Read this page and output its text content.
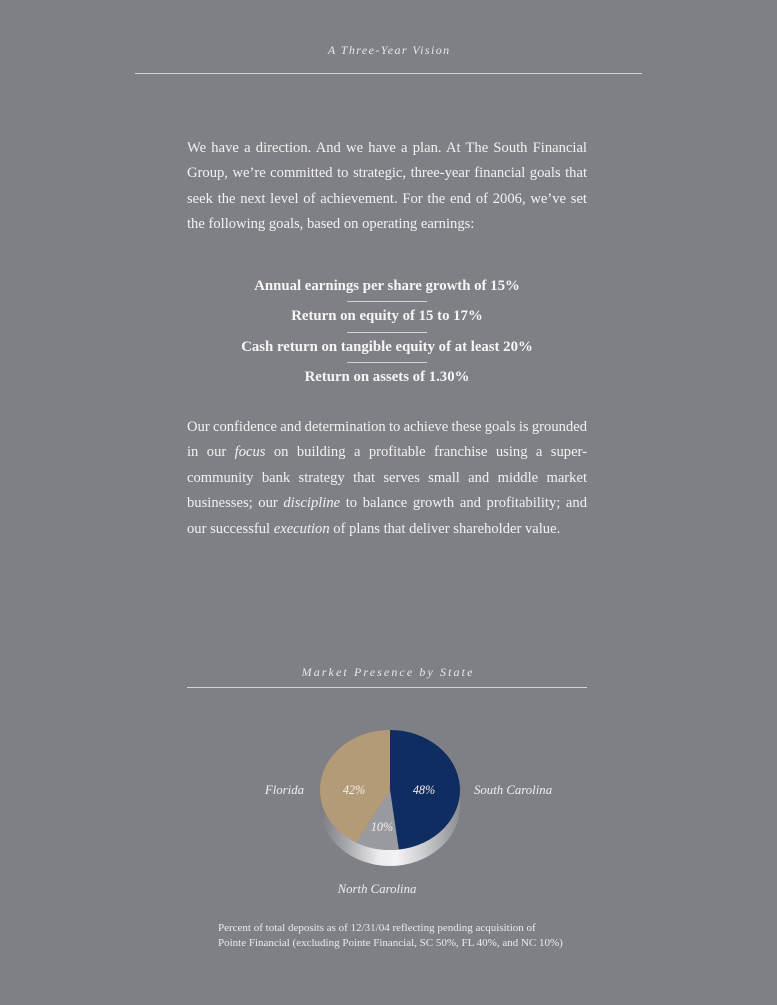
A Three-Year Vision
We have a direction. And we have a plan. At The South Financial
Group, we’re committed to strategic, three-year financial goals that
seek the next level of achievement. For the end of 2006, we’ve set
the following goals, based on operating earnings:
Annual earnings per share growth of 15%
Return on equity of 15 to 17%
Cash return on tangible equity of at least 20%
Return on assets of 1.30%
Our confidence and determination to achieve these goals is grounded
in our focus on building a profitable franchise using a super-
community bank strategy that serves small and middle market
businesses; our discipline to balance growth and profitability; and
our successful execution of plans that deliver shareholder value.
Market Presence by State
Florida	South Carolina
North Carolina
42%	48%
10%
Percent of total deposits as of 12/31/04 reflecting pending acquisition of
Pointe Financial (excluding Pointe Financial, SC 50%, FL 40%, and NC 10%)
